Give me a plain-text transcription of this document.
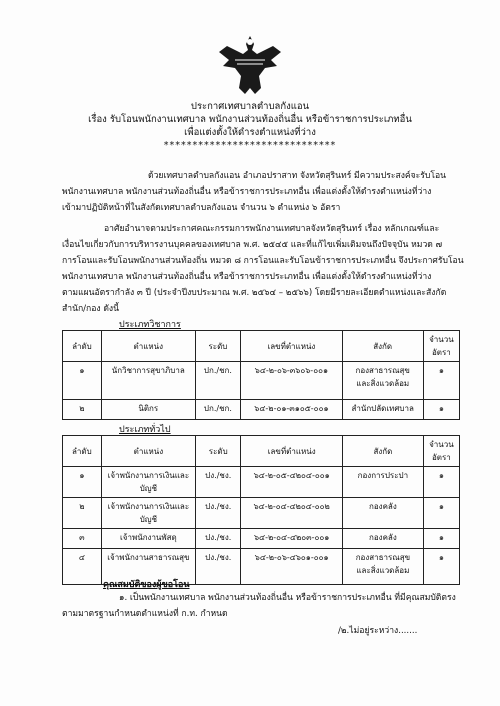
ประกาศเทศบาลตำบลกังแอน
เรื่อง รับโอนพนักงานเทศบาล พนักงานส่วนท้องถิ่นอื่น หรือข้าราชการประเภทอื่น
เพื่อแต่งตั้งให้ดำรงตำแหน่งที่ว่าง
******************************
ด้วยเทศบาลตำบลกังแอน อำเภอปราสาท จังหวัดสุรินทร์ มีความประสงค์จะรับโอน
พนักงานเทศบาล พนักงานส่วนท้องถิ่นอื่น หรือข้าราชการประเภทอื่น เพื่อแต่งตั้งให้ดำรงตำแหน่งที่ว่าง
เข้ามาปฏิบัติหน้าที่ในสังกัดเทศบาลตำบลกังแอน จำนวน ๖ ตำแหน่ง ๖ อัตรา
อาศัยอำนาจตามประกาศคณะกรรมการพนักงานเทศบาลจังหวัดสุรินทร์ เรื่อง หลักเกณฑ์และ
เงื่อนไขเกี่ยวกับการบริหารงานบุคคลของเทศบาล พ.ศ. ๒๕๔๕ และที่แก้ไขเพิ่มเติมจนถึงปัจจุบัน หมวด ๗
การโอนและรับโอนพนักงานส่วนท้องถิ่น หมวด ๘ การโอนและรับโอนข้าราชการประเภทอื่น จึงประกาศรับโอน
พนักงานเทศบาล พนักงานส่วนท้องถิ่นอื่น หรือข้าราชการประเภทอื่น เพื่อแต่งตั้งให้ดำรงตำแหน่งที่ว่าง
ตามแผนอัตรากำลัง ๓ ปี (ประจำปีงบประมาณ พ.ศ. ๒๕๖๔ – ๒๕๖๖) โดยมีรายละเอียดตำแหน่งและสังกัด
สำนัก/กอง ดังนี้
ประเภทวิชาการ
ลำดับ	ตำแหน่ง	ระดับ	เลขที่ตำแหน่ง	สังกัด	จำนวน
อัตรา

๑	นักวิชาการสุขาภิบาล	ปก./ชก.	๖๔-๒-๐๖-๓๖๐๖-๐๐๑	กองสาธารณสุข
และสิ่งแวดล้อม	๑
๒	นิติกร	ปก./ชก.	๖๔-๒-๐๑-๓๑๐๕-๐๐๑	สำนักปลัดเทศบาล	๑
ประเภททั่วไป
ลำดับ	ตำแหน่ง	ระดับ	เลขที่ตำแหน่ง	สังกัด	จำนวน
อัตรา

๑	เจ้าพนักงานการเงินและบัญชี	ปง./ชง.	๖๔-๒-๐๕-๔๒๐๔-๐๐๑	กองการประปา	๑
๒	เจ้าพนักงานการเงินและบัญชี	ปง./ชง.	๖๔-๒-๐๔-๔๒๐๔-๐๐๒	กองคลัง	๑
๓	เจ้าพนักงานพัสดุ	ปง./ชง.	๖๔-๒-๐๔-๔๒๐๓-๐๐๑	กองคลัง	๑
๔	เจ้าพนักงานสาธารณสุข	ปง./ชง.	๖๔-๒-๐๖-๔๖๐๑-๐๐๑	กองสาธารณสุข
และสิ่งแวดล้อม	๑
คุณสมบัติของผู้ขอโอน
๑. เป็นพนักงานเทศบาล พนักงานส่วนท้องถิ่นอื่น หรือข้าราชการประเภทอื่น ที่มีคุณสมบัติตรง
ตามมาตรฐานกำหนดตำแหน่งที่ ก.ท. กำหนด
/๒.ไม่อยู่ระหว่าง.......
